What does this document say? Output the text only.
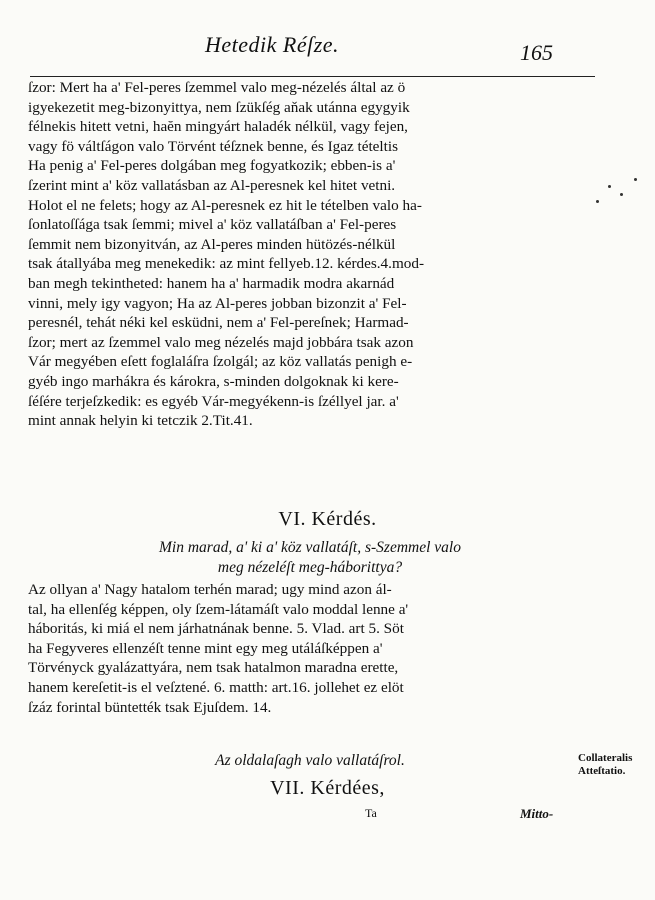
Hetedik Réſze.	165
ſzor: Mert ha a' Fel-peres ſzemmel valo meg-nézelés által az ö
igyekezetit meg-bizonyittya, nem ſzükſég aňak utánna egygyik
félnekis hitett vetni, haĕn mingyárt haladék nélkül, vagy fejen,
vagy fö váltſágon valo Törvént téſznek benne, és Igaz tételtis
Ha penig a' Fel-peres dolgában meg fogyatkozik; ebben-is a'
ſzerint mint a' köz vallatásban az Al-peresnek kel hitet vetni.
Holot el ne felets; hogy az Al-peresnek ez hit le tételben valo ha-
ſonlatoſſága tsak ſemmi; mivel a' köz vallatáſban a' Fel-peres
ſemmit nem bizonyitván, az Al-peres minden hütözés-nélkül
tsak átallyába meg menekedik: az mint fellyeb.12. kérdes.4.mod-
ban megh tekintheted: hanem ha a' harmadik modra akarnád
vinni, mely igy vagyon; Ha az Al-peres jobban bizonzit a' Fel-
peresnél, tehát néki kel esküdni, nem a' Fel-pereſnek; Harmad-
ſzor; mert az ſzemmel valo meg nézelés majd jobbára tsak azon
Vár megyében eſett foglaláſra ſzolgál; az köz vallatás penigh e-
gyéb ingo marhákra és károkra, s-minden dolgoknak ki kere-
ſéſére terjeſzkedik: es egyéb Vár-megyékenn-is ſzéllyel jar. a'
mint annak helyin ki tetczik 2.Tit.41.
VI. Kérdés.
Min marad, a' ki a' köz vallatáſt, s-Szemmel valo
meg nézeléſt meg-háborittya?
Az ollyan a' Nagy hatalom terhén marad; ugy mind azon ál-
tal, ha ellenſég képpen, oly ſzem-látamáſt valo moddal lenne a'
háboritás, ki miá el nem járhatnának benne. 5. Vlad. art 5. Söt
ha Fegyveres ellenzéſt tenne mint egy meg utáláſképpen a'
Törvényck gyalázattyára, nem tsak hatalmon maradna erette,
hanem kereſetit-is el veſztené. 6. matth: art.16. jollehet ez elöt
ſzáz forintal büntették tsak Ejuſdem. 14.
Az oldalaſagh valo vallatáſrol.	Collateralis
Atteſtatio.
VII. Kérdées,
Ta	Mitto-
